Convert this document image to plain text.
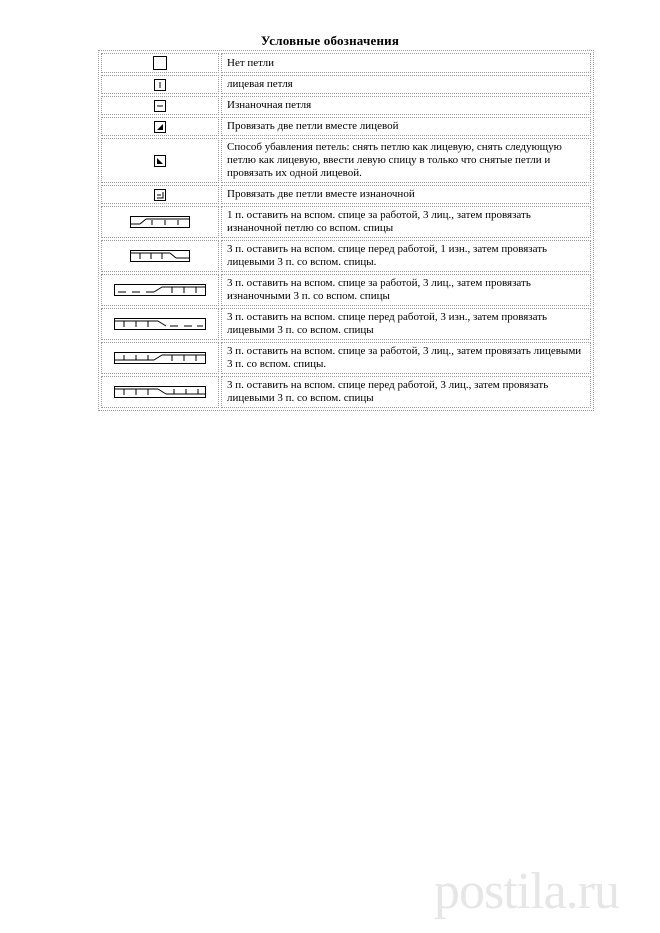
Условные обозначения
	Нет петли

	лицевая петля

	Изнаночная петля

	Провязать две петли вместе лицевой

	Способ убавления петель: снять петлю как лицевую, снять следующую петлю как лицевую, ввести левую спицу в только что снятые петли и провязать их одной лицевой.

	Провязать две петли вместе изнаночной

	1 п. оставить на вспом. спице за работой, 3 лиц., затем провязать изнаночной петлю со вспом. спицы

	3 п. оставить на вспом. спице перед работой, 1 изн., затем провязать лицевыми 3 п. со вспом. спицы.

	3 п. оставить на вспом. спице за работой, 3 лиц., затем провязать изнаночными 3 п. со вспом. спицы

	3 п. оставить на вспом. спице перед работой, 3 изн., затем провязать лицевыми 3 п. со вспом. спицы

	3 п. оставить на вспом. спице за работой, 3 лиц., затем провязать лицевыми 3 п. со вспом. спицы.

	3 п. оставить на вспом. спице перед работой, 3 лиц., затем провязать лицевыми 3 п. со вспом. спицы
postila.ru
